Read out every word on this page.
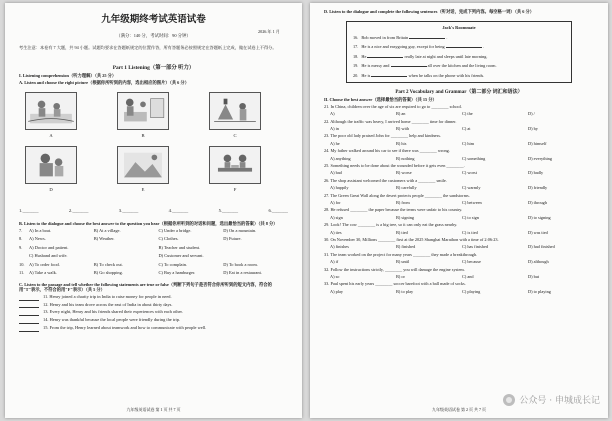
九年级期终考试英语试卷
2026.年 1 月
（满分：140 分，考试时间：90 分钟）
考生注意：本卷有 7 大题，共 94 小题。试题均要求在答题纸规定的位置作答，所有答题务必按照规定在答题纸上完成，做在试卷上不得分。
Part 1 Listening（第一部分 听力）
I. Listening comprehension（听力理解）（共 25 分）
A. Listen and choose the right picture（根据你所听到的内容，选出相应的图片）（共 6 分）
A	B	C
D	E	F
1._______	2._______	3._______	4._______	5._______	6._______
B. Listen to the dialogue and choose the best answer to the question you hear（根据你所听到的对话和问题，选出最恰当的答案）（共 8 分）
7.	A) In a boat.	B) At a village.	C) Under a bridge.	D) On a mountain.
8.	A) News.	B) Weather.	C) Clothes.	D) Future.
9.	A) Doctor and patient.	B) Teacher and student.
C) Husband and wife.	D) Customer and servant.
10.	A) To order food.	B) To check out.	C) To complain.	D) To book a room.
11.	A) Take a walk.	B) Go shopping.	C) Buy a hamburger.	D) Eat in a restaurant.
C. Listen to the passage and tell whether the following statements are true or false（判断下列句子是否符合你所听到的短文内容，符合的用"T"表示，不符合的用"F"表示）（共 5 分）
11. Henry joined a charity trip in India to raise money for people in need.
12. Henry and his team drove across the east of India in about thirty days.
13. Every night, Henry and his friends shared their experiences with each other.
14. Henry was thankful because the local people were friendly during the trip.
15. From the trip, Henry learned about teamwork and how to communicate with people well.
九年级英语试卷 第 1 页 共 7 页
D. Listen to the dialogue and complete the following sentences（听对话，完成下列内容。每空格一词）（共 6 分）
Jack's Roommate
16. Bob moved in from Britain	.
17. He is a nice and easygoing guy, except for being	.
18. He	really late at night and sleeps until late morning.
19. He is messy and	all over the kitchen and the living room.
20. He is	when he talks on the phone with his friends.
Part 2 Vocabulary and Grammar（第二部分 词汇和语法）
II. Choose the best answer（选择最恰当的答案）（共 15 分）
21. In China, children over the age of six are required to go to ________ school.
A)	B) an	C) the	D) /
22. Although the traffic was heavy, I arrived home ________ time for dinner.
A) in	B) with	C) at	D) by
23. The poor old lady praised John for ________ help and kindness.
A) he	B) his	C) him	D) himself
24. My father walked around his car to see if there was ________ wrong.
A) anything	B) nothing	C) something	D) everything
25. Something needs to be done about the wounded before it gets even ________.
A) bad	B) worse	C) worst	D) badly
26. The shop assistant welcomed the customers with a ________ smile.
A) happily	B) carefully	C) warmly	D) friendly
27. The Green Great Wall along the desert protects people ________ the sandstorms.
A) for	B) from	C) between	D) through
28. He refused ________ the paper because the terms were unfair to his country.
A) sign	B) signing	C) to sign	D) to signing
29. Look! The cow ________ is a big tree, so it can only eat the grass nearby.
A) ties	B) tied	C) is tied	D) was tied
30. On November 30, Millions ________ first at the 2025 Shanghai Marathon with a time of 2:06:23.
A) finishes	B) finished	C) has finished	D) had finished
31. The team worked on the project for many years ________ they made a breakthrough.
A) if	B) until	C) because	D) although
32. Follow the instructions strictly, ________ you will damage the engine system.
A) so	B) or	C) and	D) but
33. Paul spent his early years ________ soccer barefoot with a ball made of socks.
A) play	B) to play	C) playing	D) to playing
公众号 · 申城成长记
九年级英语试卷 第 2 页 共 7 页
